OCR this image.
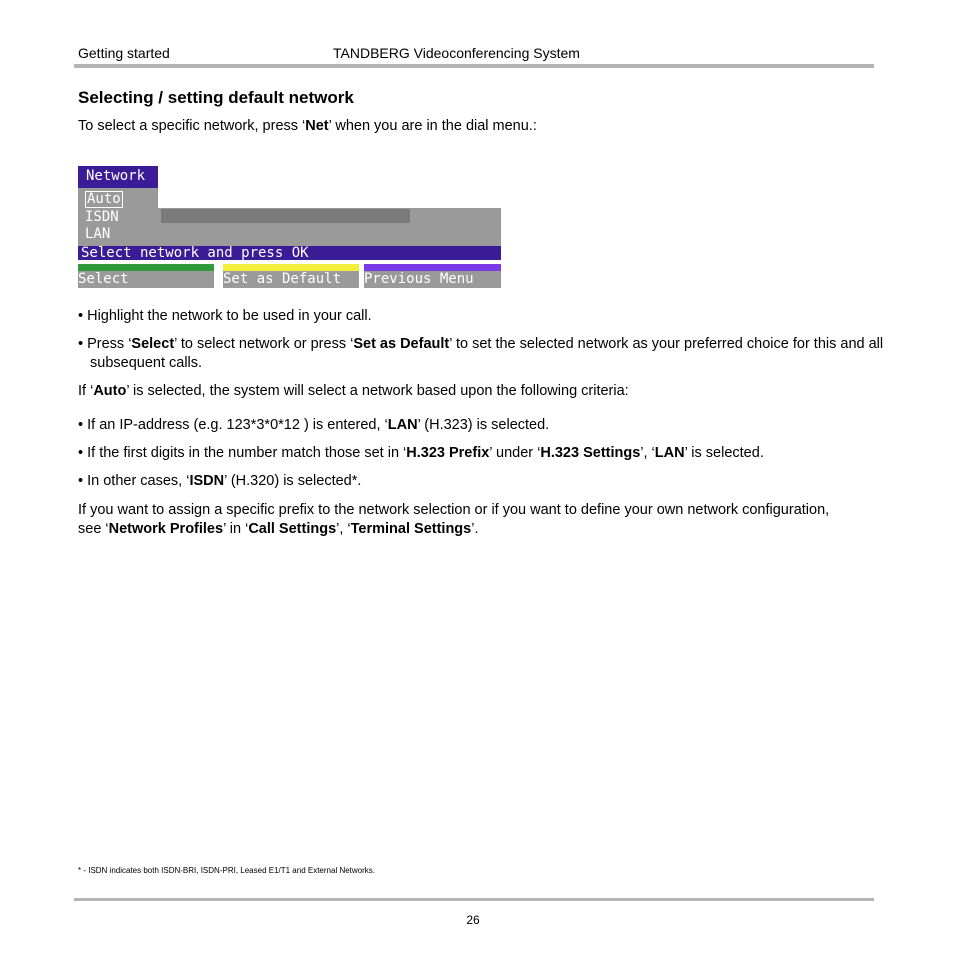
Getting started	TANDBERG Videoconferencing System
Selecting / setting default network
To select a specific network, press ‘Net’ when you are in the dial menu.:
Network
Auto
ISDN
LAN
Select network and press OK
Select	Set as Default Previous Menu
• Highlight the network to be used in your call.
• Press ‘Select’ to select network or press ‘Set as Default’ to set the selected network as your preferred choice for this and all subsequent calls.
If ‘Auto’ is selected, the system will select a network based upon the following criteria:
• If an IP-address (e.g. 123*3*0*12 ) is entered, ‘LAN’ (H.323) is selected.
• If the first digits in the number match those set in ‘H.323 Prefix’ under ‘H.323 Settings’, ‘LAN’ is selected.
• In other cases, ‘ISDN’ (H.320) is selected*.
If you want to assign a specific prefix to the network selection or if you want to define your own network configuration, see ‘Network Profiles’ in ‘Call Settings’, ‘Terminal Settings’.
* - ISDN indicates both ISDN-BRI, ISDN-PRI, Leased E1/T1 and External Networks.
26
